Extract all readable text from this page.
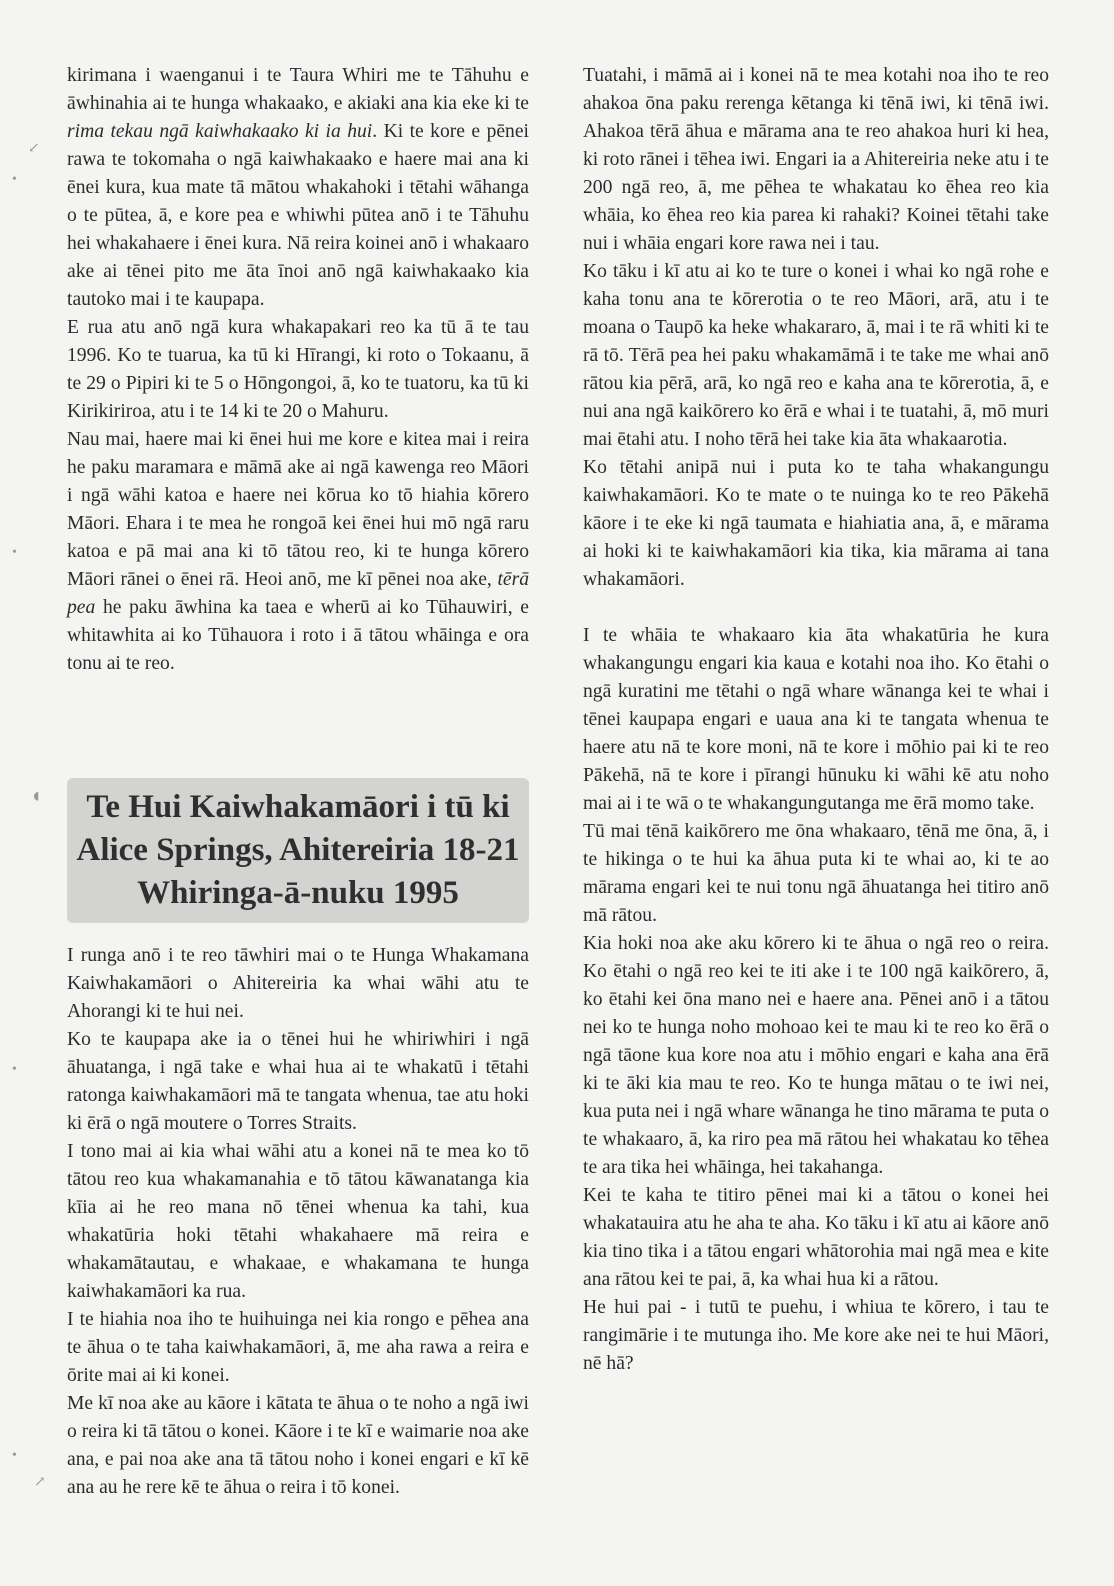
kirimana i waenganui i te Taura Whiri me te Tāhuhu e āwhinahia ai te hunga whakaako, e akiaki ana kia eke ki te rima tekau ngā kaiwhakaako ki ia hui. Ki te kore e pēnei rawa te tokomaha o ngā kaiwhakaako e haere mai ana ki ēnei kura, kua mate tā mātou whakahoki i tētahi wāhanga o te pūtea, ā, e kore pea e whiwhi pūtea anō i te Tāhuhu hei whakahaere i ēnei kura. Nā reira koinei anō i whakaaro ake ai tēnei pito me āta īnoi anō ngā kaiwhakaako kia tautoko mai i te kaupapa.

E rua atu anō ngā kura whakapakari reo ka tū ā te tau 1996. Ko te tuarua, ka tū ki Hīrangi, ki roto o Tokaanu, ā te 29 o Pipiri ki te 5 o Hōngongoi, ā, ko te tuatoru, ka tū ki Kirikiriroa, atu i te 14 ki te 20 o Mahuru.

Nau mai, haere mai ki ēnei hui me kore e kitea mai i reira he paku maramara e māmā ake ai ngā kawenga reo Māori i ngā wāhi katoa e haere nei kōrua ko tō hiahia kōrero Māori. Ehara i te mea he rongoā kei ēnei hui mō ngā raru katoa e pā mai ana ki tō tātou reo, ki te hunga kōrero Māori rānei o ēnei rā. Heoi anō, me kī pēnei noa ake, tērā pea he paku āwhina ka taea e wherū ai ko Tūhauwiri, e whitawhita ai ko Tūhauora i roto i ā tātou whāinga e ora tonu ai te reo.

Te Hui Kaiwhakamāori i tū ki
Alice Springs, Ahitereiria 18-21
Whiringa-ā-nuku 1995

I runga anō i te reo tāwhiri mai o te Hunga Whakamana Kaiwhakamāori o Ahitereiria ka whai wāhi atu te Ahorangi ki te hui nei.

Ko te kaupapa ake ia o tēnei hui he whiriwhiri i ngā āhuatanga, i ngā take e whai hua ai te whakatū i tētahi ratonga kaiwhakamāori mā te tangata whenua, tae atu hoki ki ērā o ngā moutere o Torres Straits.

I tono mai ai kia whai wāhi atu a konei nā te mea ko tō tātou reo kua whakamanahia e tō tātou kāwanatanga kia kīia ai he reo mana nō tēnei whenua ka tahi, kua whakatūria hoki tētahi whakahaere mā reira e whakamātautau, e whakaae, e whakamana te hunga kaiwhakamāori ka rua.

I te hiahia noa iho te huihuinga nei kia rongo e pēhea ana te āhua o te taha kaiwhakamāori, ā, me aha rawa a reira e ōrite mai ai ki konei.

Me kī noa ake au kāore i kātata te āhua o te noho a ngā iwi o reira ki tā tātou o konei. Kāore i te kī e waimarie noa ake ana, e pai noa ake ana tā tātou noho i konei engari e kī kē ana au he rere kē te āhua o reira i tō konei.

Tuatahi, i māmā ai i konei nā te mea kotahi noa iho te reo ahakoa ōna paku rerenga kētanga ki tēnā iwi, ki tēnā iwi. Ahakoa tērā āhua e mārama ana te reo ahakoa huri ki hea, ki roto rānei i tēhea iwi. Engari ia a Ahitereiria neke atu i te 200 ngā reo, ā, me pēhea te whakatau ko ēhea reo kia whāia, ko ēhea reo kia parea ki rahaki? Koinei tētahi take nui i whāia engari kore rawa nei i tau.

Ko tāku i kī atu ai ko te ture o konei i whai ko ngā rohe e kaha tonu ana te kōrerotia o te reo Māori, arā, atu i te moana o Taupō ka heke whakararo, ā, mai i te rā whiti ki te rā tō. Tērā pea hei paku whakamāmā i te take me whai anō rātou kia pērā, arā, ko ngā reo e kaha ana te kōrerotia, ā, e nui ana ngā kaikōrero ko ērā e whai i te tuatahi, ā, mō muri mai ētahi atu. I noho tērā hei take kia āta whakaarotia.

Ko tētahi anipā nui i puta ko te taha whakangungu kaiwhakamāori. Ko te mate o te nuinga ko te reo Pākehā kāore i te eke ki ngā taumata e hiahiatia ana, ā, e mārama ai hoki ki te kaiwhakamāori kia tika, kia mārama ai tana whakamāori.

I te whāia te whakaaro kia āta whakatūria he kura whakangungu engari kia kaua e kotahi noa iho. Ko ētahi o ngā kuratini me tētahi o ngā whare wānanga kei te whai i tēnei kaupapa engari e uaua ana ki te tangata whenua te haere atu nā te kore moni, nā te kore i mōhio pai ki te reo Pākehā, nā te kore i pīrangi hūnuku ki wāhi kē atu noho mai ai i te wā o te whakangungutanga me ērā momo take.

Tū mai tēnā kaikōrero me ōna whakaaro, tēnā me ōna, ā, i te hikinga o te hui ka āhua puta ki te whai ao, ki te ao mārama engari kei te nui tonu ngā āhuatanga hei titiro anō mā rātou.

Kia hoki noa ake aku kōrero ki te āhua o ngā reo o reira. Ko ētahi o ngā reo kei te iti ake i te 100 ngā kaikōrero, ā, ko ētahi kei ōna mano nei e haere ana. Pēnei anō i a tātou nei ko te hunga noho mohoao kei te mau ki te reo ko ērā o ngā tāone kua kore noa atu i mōhio engari e kaha ana ērā ki te āki kia mau te reo. Ko te hunga mātau o te iwi nei, kua puta nei i ngā whare wānanga he tino mārama te puta o te whakaaro, ā, ka riro pea mā rātou hei whakatau ko tēhea te ara tika hei whāinga, hei takahanga.

Kei te kaha te titiro pēnei mai ki a tātou o konei hei whakatauira atu he aha te aha. Ko tāku i kī atu ai kāore anō kia tino tika i a tātou engari whātorohia mai ngā mea e kite ana rātou kei te pai, ā, ka whai hua ki a rātou.

He hui pai - i tutū te puehu, i whiua te kōrero, i tau te rangimārie i te mutunga iho. Me kore ake nei te hui Māori, nē hā?

↙
•
•
◖
•
•
↗
